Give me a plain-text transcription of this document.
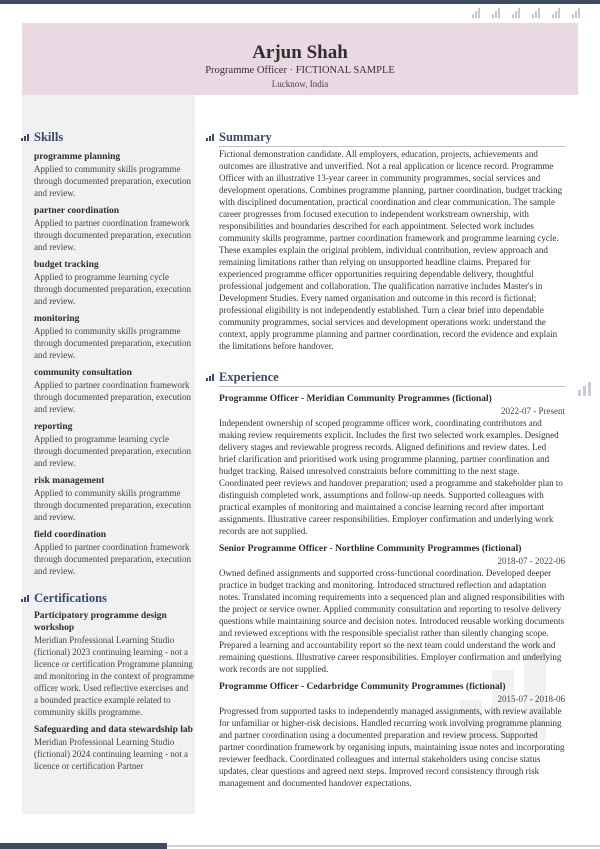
Arjun Shah
Programme Officer · FICTIONAL SAMPLE
Lucknow, India
Skills
programme planning
Applied to community skills programme through documented preparation, execution and review.
partner coordination
Applied to partner coordination framework through documented preparation, execution and review.
budget tracking
Applied to programme learning cycle through documented preparation, execution and review.
monitoring
Applied to community skills programme through documented preparation, execution and review.
community consultation
Applied to partner coordination framework through documented preparation, execution and review.
reporting
Applied to programme learning cycle through documented preparation, execution and review.
risk management
Applied to community skills programme through documented preparation, execution and review.
field coordination
Applied to partner coordination framework through documented preparation, execution and review.
Certifications
Participatory programme design workshop
Meridian Professional Learning Studio (fictional) 2023 continuing learning - not a licence or certification Programme planning and monitoring in the context of programme officer work. Used reflective exercises and a bounded practice example related to community skills programme.
Safeguarding and data stewardship lab
Meridian Professional Learning Studio (fictional) 2024 continuing learning - not a licence or certification Partner
Summary
Fictional demonstration candidate. All employers, education, projects, achievements and outcomes are illustrative and unverified. Not a real application or licence record. Programme Officer with an illustrative 13-year career in community programmes, social services and development operations. Combines programme planning, partner coordination, budget tracking with disciplined documentation, practical coordination and clear communication. The sample career progresses from focused execution to independent workstream ownership, with responsibilities and boundaries described for each appointment. Selected work includes community skills programme, partner coordination framework and programme learning cycle. These examples explain the original problem, individual contribution, review approach and remaining limitations rather than relying on unsupported headline claims. Prepared for experienced programme officer opportunities requiring dependable delivery, thoughtful professional judgement and collaboration. The qualification narrative includes Master's in Development Studies. Every named organisation and outcome in this record is fictional; professional eligibility is not independently established. Turn a clear brief into dependable community programmes, social services and development operations work: understand the context, apply programme planning and partner coordination, record the evidence and explain the limitations before handover.
Experience
Programme Officer - Meridian Community Programmes (fictional)
2022-07 - Present
Independent ownership of scoped programme officer work, coordinating contributors and making review requirements explicit. Includes the first two selected work examples. Designed delivery stages and reviewable progress records. Aligned definitions and review dates. Led brief clarification and prioritised work using programme planning, partner coordination and budget tracking. Raised unresolved constraints before committing to the next stage. Coordinated peer reviews and handover preparation; used a programme and stakeholder plan to distinguish completed work, assumptions and follow-up needs. Supported colleagues with practical examples of monitoring and maintained a concise learning record after important assignments. Illustrative career responsibilities. Employer confirmation and underlying work records are not supplied.
Senior Programme Officer - Northline Community Programmes (fictional)
2018-07 - 2022-06
Owned defined assignments and supported cross-functional coordination. Developed deeper practice in budget tracking and monitoring. Introduced structured reflection and adaptation notes. Translated incoming requirements into a sequenced plan and aligned responsibilities with the project or service owner. Applied community consultation and reporting to resolve delivery questions while maintaining source and decision notes. Introduced reusable working documents and reviewed exceptions with the responsible specialist rather than silently changing scope. Prepared a learning and accountability report so the next team could understand the work and remaining questions. Illustrative career responsibilities. Employer confirmation and underlying work records are not supplied.
Programme Officer - Cedarbridge Community Programmes (fictional)
2015-07 - 2018-06
Progressed from supported tasks to independently managed assignments, with review available for unfamiliar or higher-risk decisions. Handled recurring work involving programme planning and partner coordination using a documented preparation and review process. Supported partner coordination framework by organising inputs, maintaining issue notes and incorporating reviewer feedback. Coordinated colleagues and internal stakeholders using concise status updates, clear questions and agreed next steps. Improved record consistency through risk management and documented handover expectations.
